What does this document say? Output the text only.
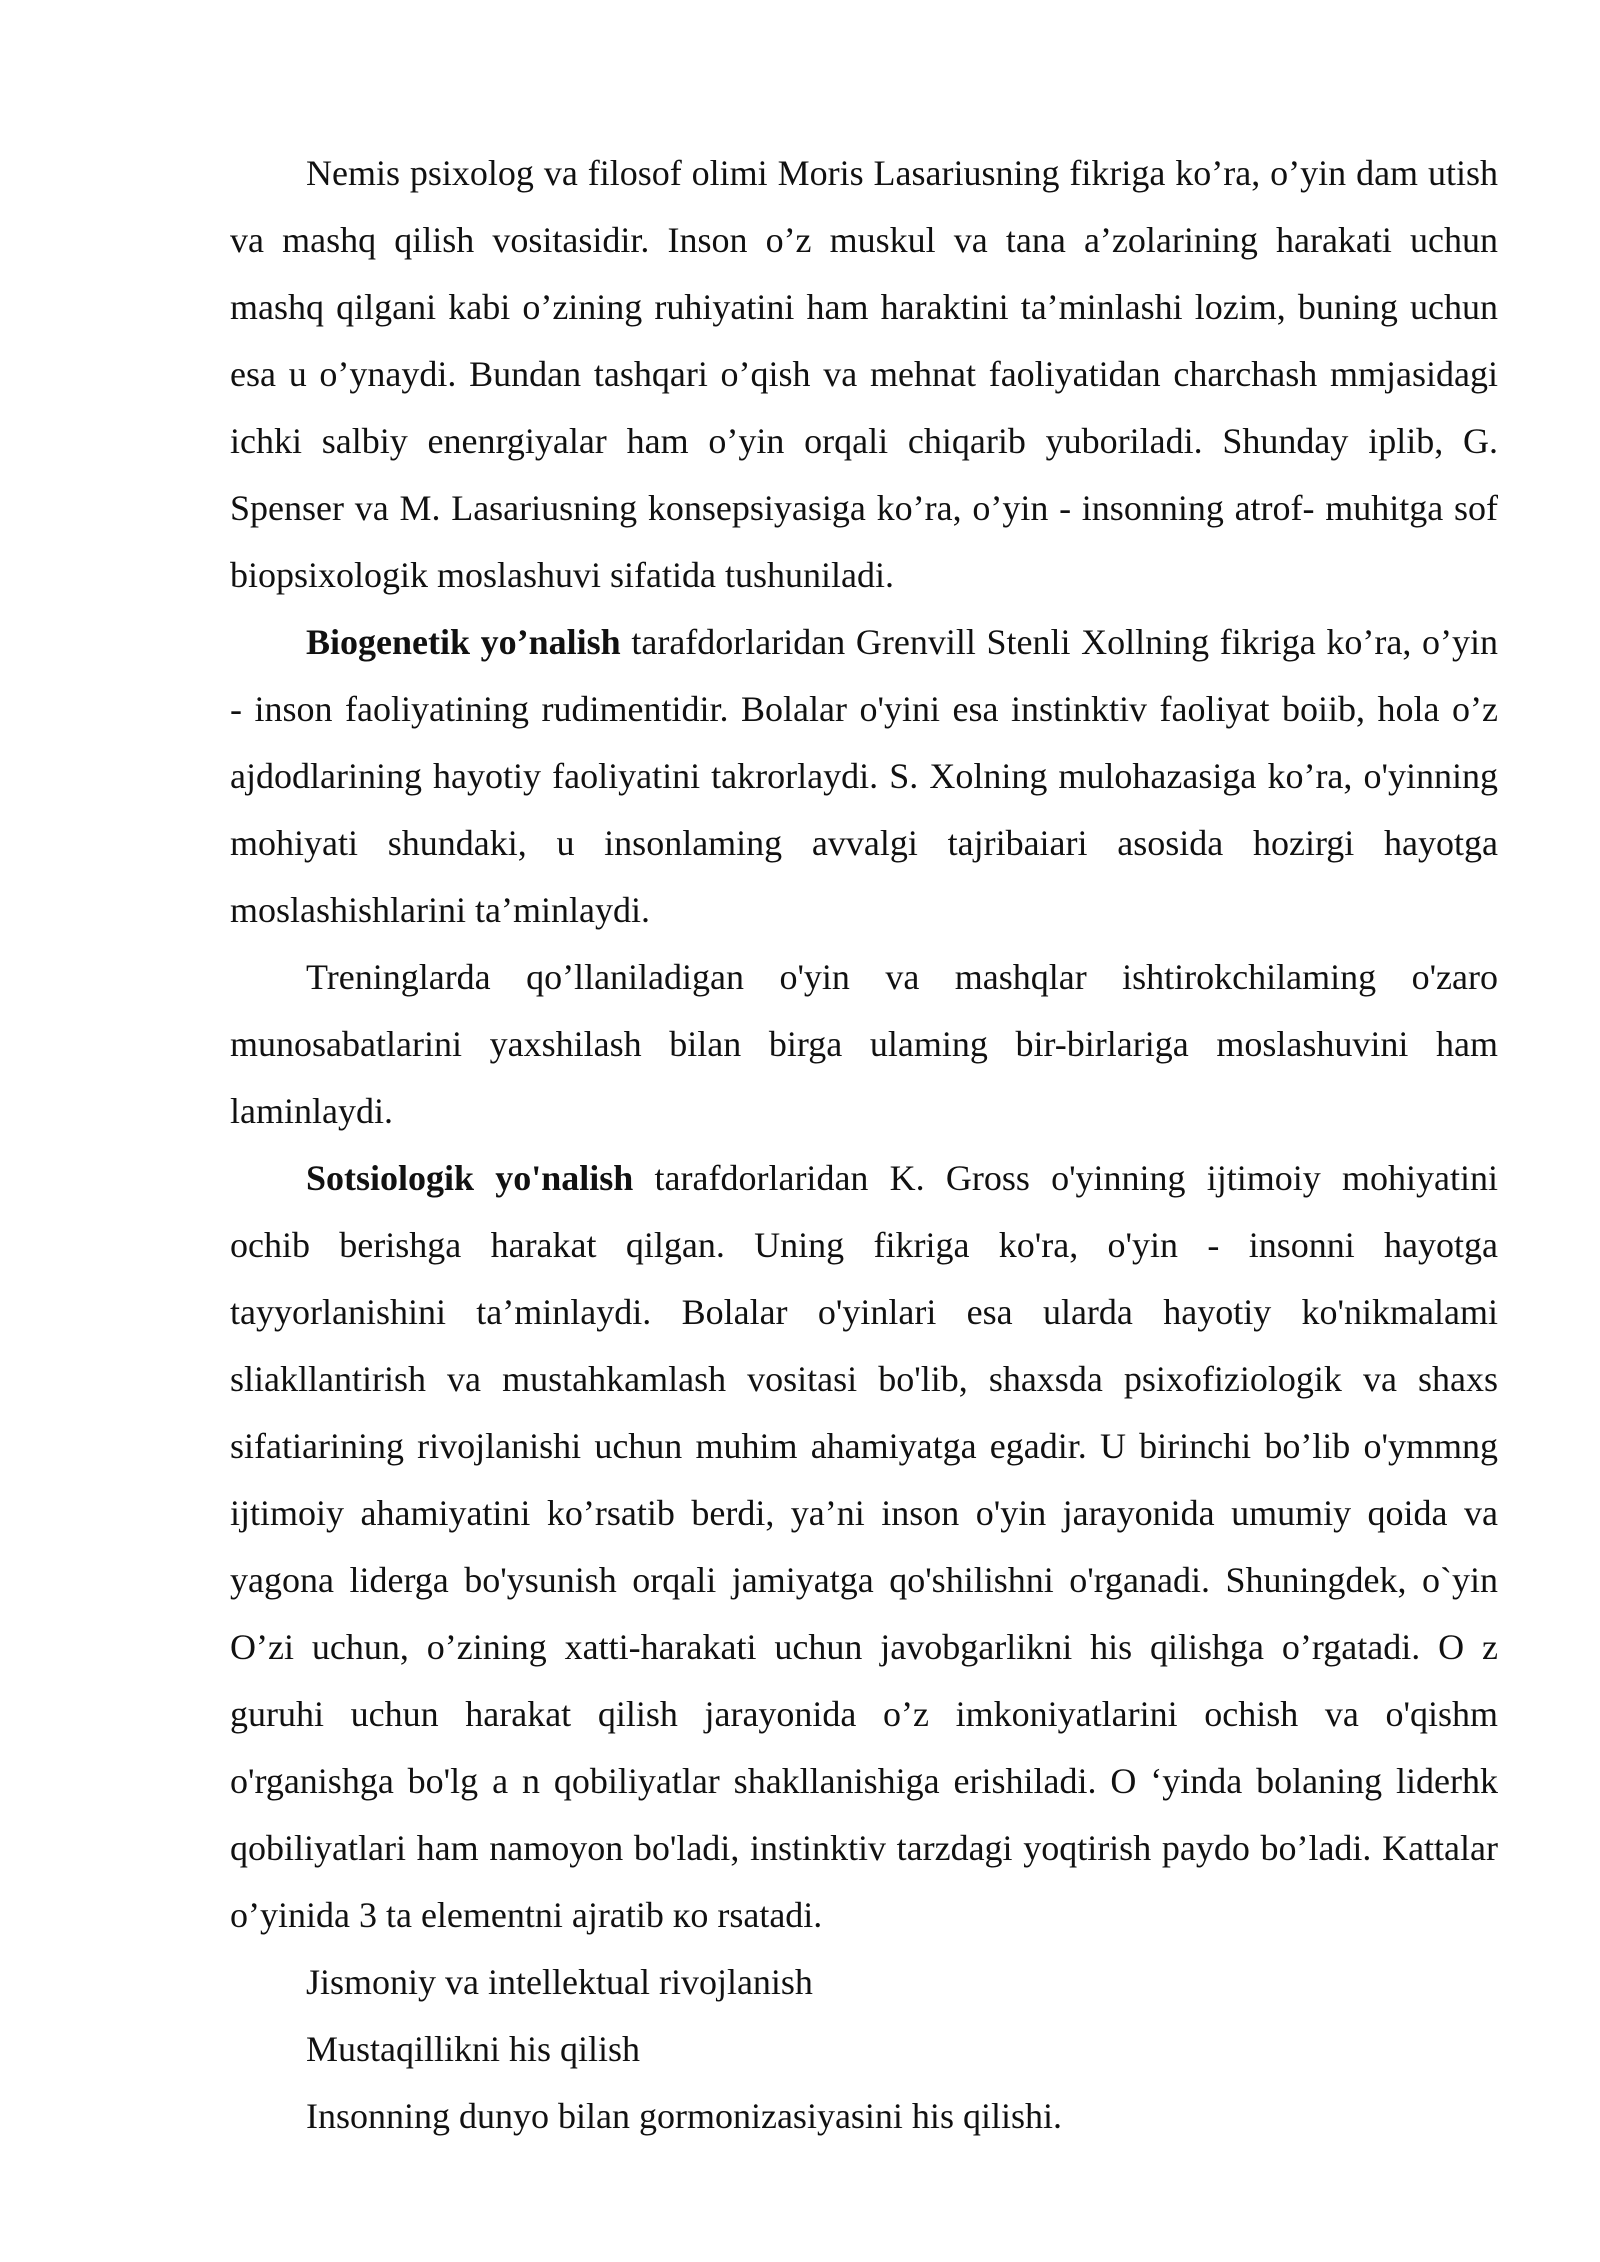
Nemis psixolog va filosof olimi Moris Lasariusning fikriga ko’ra, o’yin dam utish va mashq qilish vositasidir. Inson o’z muskul va tana a’zolarining harakati uchun mashq qilgani kabi o’zining ruhiyatini ham haraktini ta’minlashi lozim, buning uchun esa u o’ynaydi. Bundan tashqari o’qish va mehnat faoliyatidan charchash mmjasidagi ichki salbiy enenrgiyalar ham o’yin orqali chiqarib yuboriladi. Shunday iplib, G. Spenser va M. Lasariusning konsepsiyasiga ko’ra, o’yin - insonning atrof- muhitga sof biopsixologik moslashuvi sifatida tushuniladi.

Biogenetik yo’nalish tarafdorlaridan Grenvill Stenli Xollning fikriga ko’ra, o’yin - inson faoliyatining rudimentidir. Bolalar o'yini esa instinktiv faoliyat boiib, hola o’z ajdodlarining hayotiy faoliyatini takrorlaydi. S. Xolning mulohazasiga ko’ra, o'yinning mohiyati shundaki, u insonlaming avvalgi tajribaiari asosida hozirgi hayotga moslashishlarini ta’minlaydi.

Treninglarda qo’llaniladigan o'yin va mashqlar ishtirokchilaming o'zaro munosabatlarini yaxshilash bilan birga ulaming bir-birlariga moslashuvini ham laminlaydi.

Sotsiologik yo'nalish tarafdorlaridan K. Gross o'yinning ijtimoiy mohiyatini ochib berishga harakat qilgan. Uning fikriga ko'ra, o'yin - insonni hayotga tayyorlanishini ta’minlaydi. Bolalar o'yinlari esa ularda hayotiy ko'nikmalami sliakllantirish va mustahkamlash vositasi bo'lib, shaxsda psixofiziologik va shaxs sifatiarining rivojlanishi uchun muhim ahamiyatga egadir. U birinchi bo’lib o'ymmng ijtimoiy ahamiyatini ko’rsatib berdi, ya’ni inson o'yin jarayonida umumiy qoida va yagona liderga bo'ysunish orqali jamiyatga qo'shilishni o'rganadi. Shuningdek, o`yin O’zi uchun, o’zining xatti-harakati uchun javobgarlikni his qilishga o’rgatadi. O z guruhi uchun harakat qilish jarayonida o’z imkoniyatlarini ochish va o'qishm o'rganishga bo'lg a n qobiliyatlar shakllanishiga erishiladi. O ‘yinda bolaning liderhk qobiliyatlari ham namoyon bo'ladi, instinktiv tarzdagi yoqtirish paydo bo’ladi. Kattalar o’yinida 3 ta elementni ajratib кo rsatadi.

Jismoniy va intellektual rivojlanish

Mustaqillikni his qilish

Insonning dunyo bilan gormonizasiyasini his qilishi.
